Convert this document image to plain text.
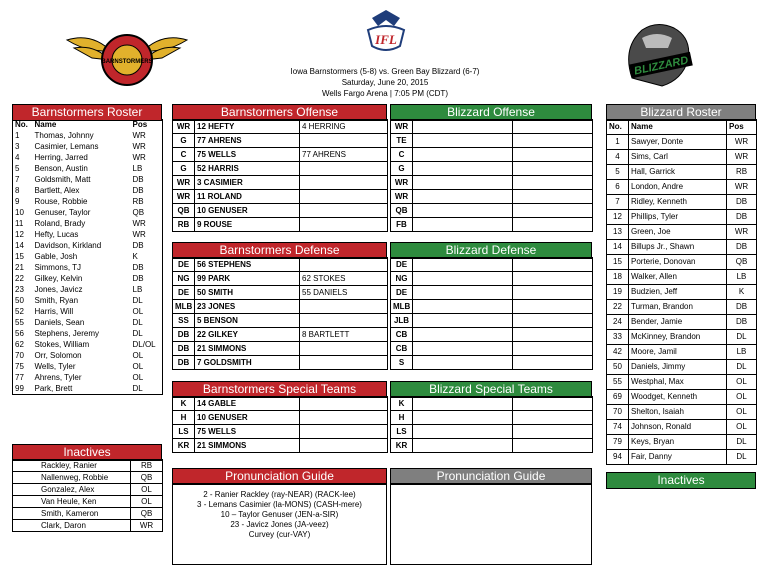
BARNSTORMERS
IFL
BLIZZARD
Iowa Barnstormers (5-8) vs. Green Bay Blizzard (6-7)
Saturday, June 20, 2015
Wells Fargo Arena | 7:05 PM (CDT)
Barnstormers Roster
No.	Name	Pos
1	Thomas, Johnny	WR
3	Casimier, Lemans	WR
4	Herring, Jarred	WR
5	Benson, Austin	LB
7	Goldsmith, Matt	DB
8	Bartlett, Alex	DB
9	Rouse, Robbie	RB
10	Genuser, Taylor	QB
11	Roland, Brady	WR
12	Hefty, Lucas	WR
14	Davidson, Kirkland	DB
15	Gable, Josh	K
21	Simmons, TJ	DB
22	Gilkey, Kelvin	DB
23	Jones, Javicz	LB
50	Smith, Ryan	DL
52	Harris, Will	OL
55	Daniels, Sean	DL
56	Stephens, Jeremy	DL
62	Stokes, William	DL/OL
70	Orr, Solomon	OL
75	Wells, Tyler	OL
77	Ahrens, Tyler	OL
99	Park, Brett	DL
Inactives
Rackley, Ranier	RB
Nallenweg, Robbie	QB
Gonzalez, Alex	OL
Van Heule, Ken	OL
Smith, Kameron	QB
Clark, Daron	WR
Barnstormers Offense
WR	12 HEFTY	4 HERRING
G	77 AHRENS	
C	75 WELLS	77 AHRENS
G	52 HARRIS	
WR	3 CASIMIER	
WR	11 ROLAND	
QB	10 GENUSER	
RB	9 ROUSE	
Barnstormers Defense
DE	56 STEPHENS	
NG	99 PARK	62 STOKES
DE	50 SMITH	55 DANIELS
MLB	23 JONES	
SS	5 BENSON	
DB	22 GILKEY	8 BARTLETT
DB	21 SIMMONS	
DB	7 GOLDSMITH	
Barnstormers Special Teams
K	14 GABLE	
H	10 GENUSER	
LS	75 WELLS	
KR	21 SIMMONS	
Pronunciation Guide
2 - Ranier Rackley (ray-NEAR) (RACK-lee)
3 - Lemans Casimier (la-MONS) (CASH-mere)
10 – Taylor Genuser (JEN-a-SIR)
23 - Javicz Jones (JA-veez)
Curvey (cur-VAY)
Blizzard Offense
WR		
TE		
C		
G		
WR		
WR		
QB		
FB		
Blizzard Defense
DE		
NG		
DE		
MLB		
JLB		
CB		
CB		
S		
Blizzard Special Teams
K		
H		
LS		
KR		
Pronunciation Guide
Blizzard Roster
No.	Name	Pos
1	Sawyer, Donte	WR
4	Sims, Carl	WR
5	Hall, Garrick	RB
6	London, Andre	WR
7	Ridley, Kenneth	DB
12	Phillips, Tyler	DB
13	Green, Joe	WR
14	Billups Jr., Shawn	DB
15	Porterie, Donovan	QB
18	Walker, Allen	LB
19	Budzien, Jeff	K
22	Turman, Brandon	DB
24	Bender, Jamie	DB
33	McKinney, Brandon	DL
42	Moore, Jamil	LB
50	Daniels, Jimmy	DL
55	Westphal, Max	OL
69	Woodget, Kenneth	OL
70	Shelton, Isaiah	OL
74	Johnson, Ronald	OL
79	Keys, Bryan	DL
94	Fair, Danny	DL
Inactives
